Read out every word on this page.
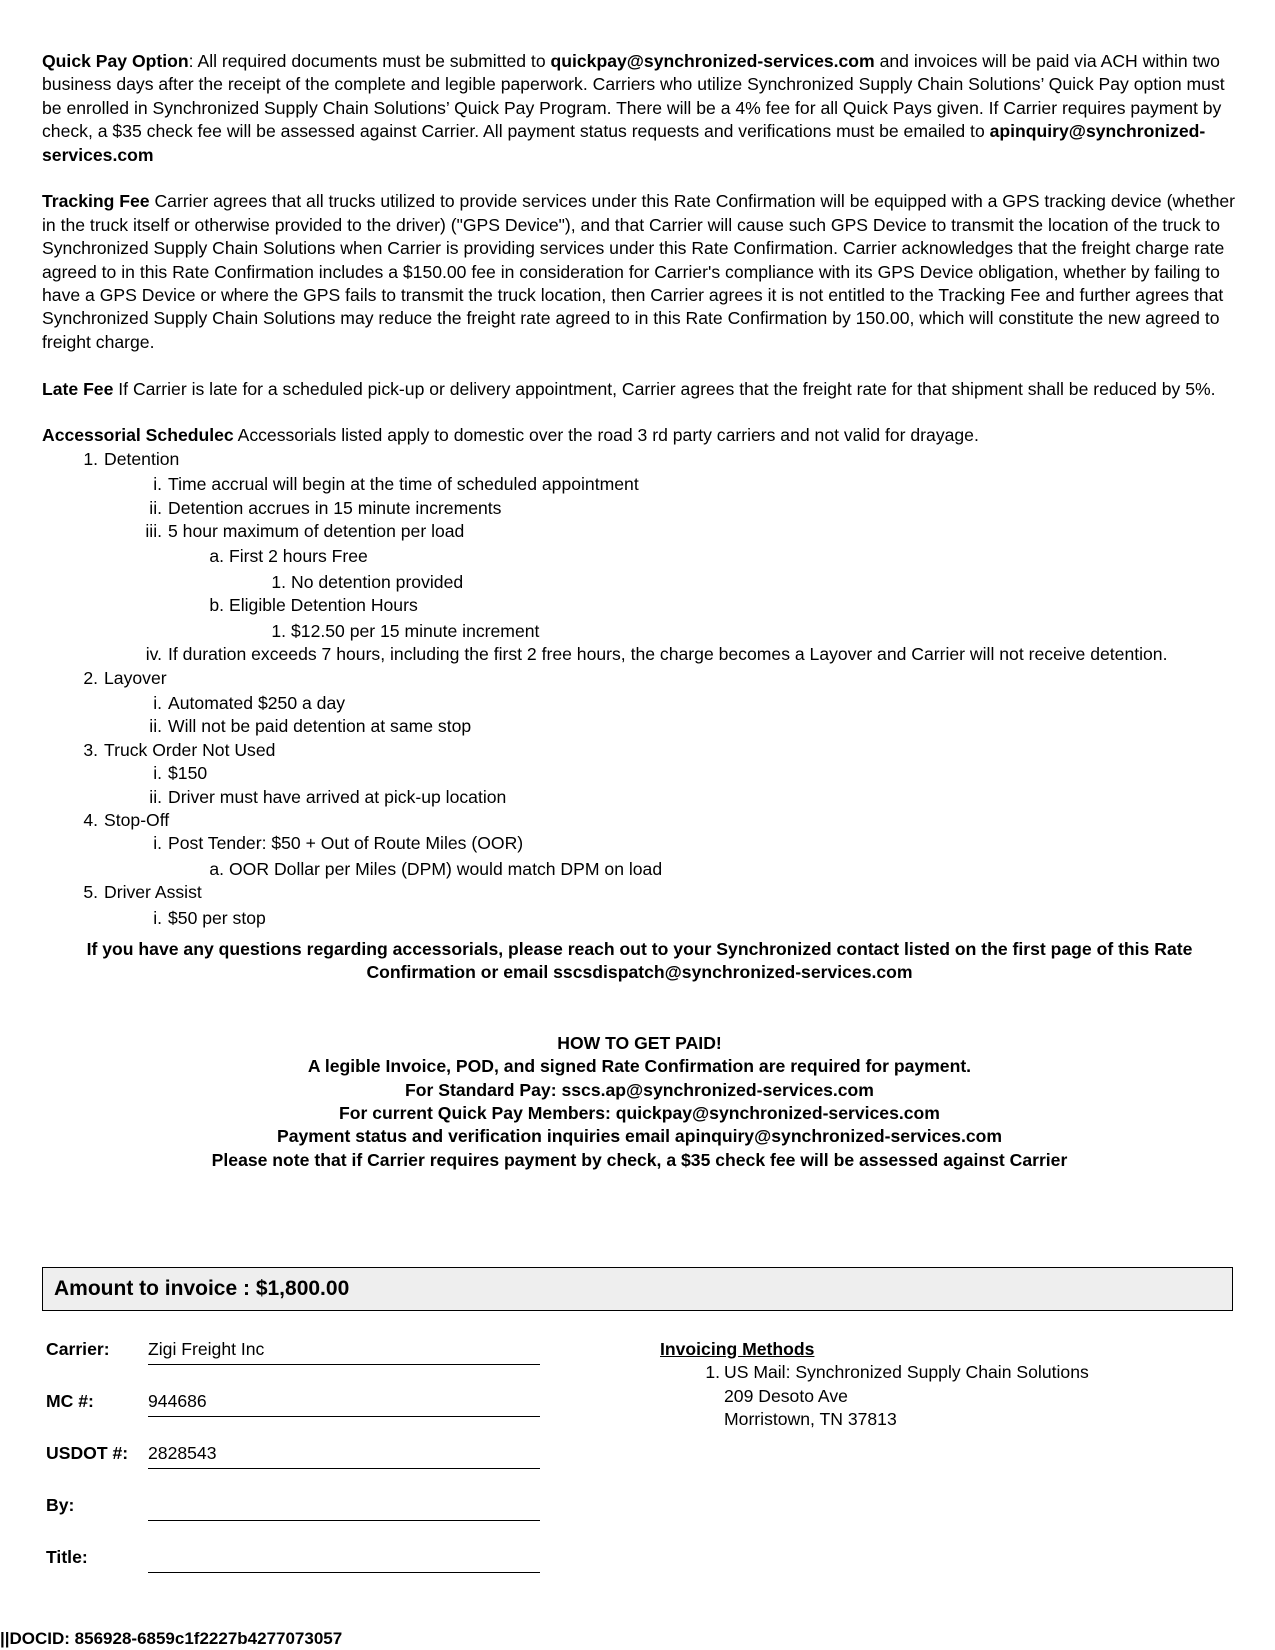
Quick Pay Option: All required documents must be submitted to quickpay@synchronized-services.com and invoices will be paid via ACH within two business days after the receipt of the complete and legible paperwork. Carriers who utilize Synchronized Supply Chain Solutions’ Quick Pay option must be enrolled in Synchronized Supply Chain Solutions’ Quick Pay Program. There will be a 4% fee for all Quick Pays given. If Carrier requires payment by check, a $35 check fee will be assessed against Carrier. All payment status requests and verifications must be emailed to apinquiry@synchronized-services.com

Tracking Fee Carrier agrees that all trucks utilized to provide services under this Rate Confirmation will be equipped with a GPS tracking device (whether in the truck itself or otherwise provided to the driver) ("GPS Device"), and that Carrier will cause such GPS Device to transmit the location of the truck to Synchronized Supply Chain Solutions when Carrier is providing services under this Rate Confirmation. Carrier acknowledges that the freight charge rate agreed to in this Rate Confirmation includes a $150.00 fee in consideration for Carrier's compliance with its GPS Device obligation, whether by failing to have a GPS Device or where the GPS fails to transmit the truck location, then Carrier agrees it is not entitled to the Tracking Fee and further agrees that Synchronized Supply Chain Solutions may reduce the freight rate agreed to in this Rate Confirmation by 150.00, which will constitute the new agreed to freight charge.

Late Fee If Carrier is late for a scheduled pick-up or delivery appointment, Carrier agrees that the freight rate for that shipment shall be reduced by 5%.

Accessorial Schedulec Accessorials listed apply to domestic over the road 3 rd party carriers and not valid for drayage.

1. Detention
i. Time accrual will begin at the time of scheduled appointment
ii. Detention accrues in 15 minute increments
iii. 5 hour maximum of detention per load
a. First 2 hours Free
1. No detention provided
b. Eligible Detention Hours
1. $12.50 per 15 minute increment
iv. If duration exceeds 7 hours, including the first 2 free hours, the charge becomes a Layover and Carrier will not receive detention.
2. Layover
i. Automated $250 a day
ii. Will not be paid detention at same stop
3. Truck Order Not Used
i. $150
ii. Driver must have arrived at pick-up location
4. Stop-Off
i. Post Tender: $50 + Out of Route Miles (OOR)
a. OOR Dollar per Miles (DPM) would match DPM on load
5. Driver Assist
i. $50 per stop

If you have any questions regarding accessorials, please reach out to your Synchronized contact listed on the first page of this Rate Confirmation or email sscsdispatch@synchronized-services.com

HOW TO GET PAID!

A legible Invoice, POD, and signed Rate Confirmation are required for payment.

For Standard Pay: sscs.ap@synchronized-services.com

For current Quick Pay Members: quickpay@synchronized-services.com

Payment status and verification inquiries email apinquiry@synchronized-services.com

Please note that if Carrier requires payment by check, a $35 check fee will be assessed against Carrier

Amount to invoice : $1,800.00
Carrier: Zigi Freight Inc
MC #:	944686
USDOT #: 2828543
By:
Title:
Invoicing Methods
1. US Mail: Synchronized Supply Chain Solutions
209 Desoto Ave
Morristown, TN 37813
||DOCID: 856928-6859c1f2227b4277073057
